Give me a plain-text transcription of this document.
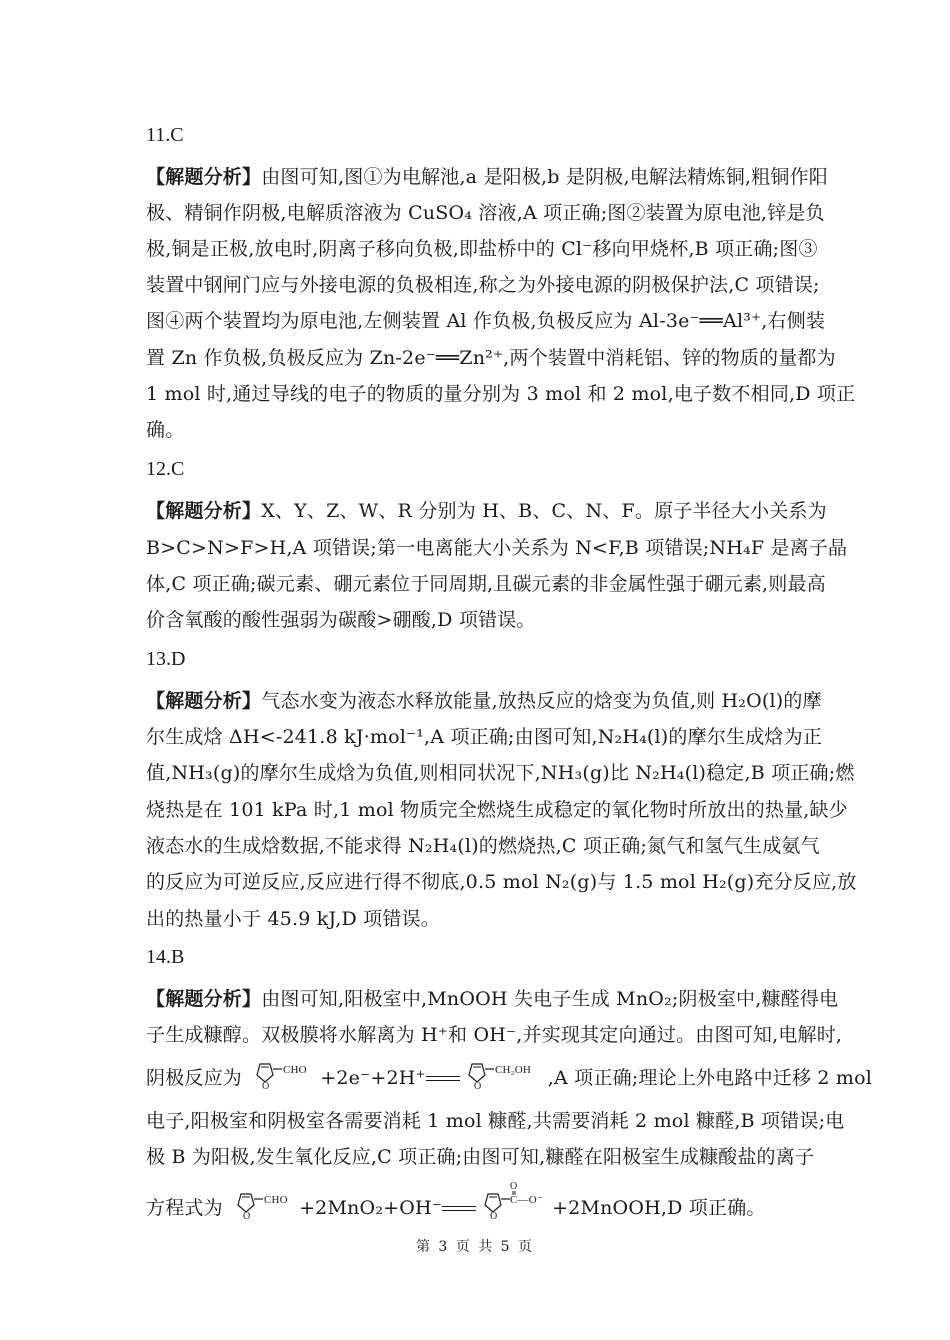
11.C
【解题分析】由图可知,图①为电解池,a 是阳极,b 是阴极,电解法精炼铜,粗铜作阳
极、精铜作阴极,电解质溶液为 CuSO₄ 溶液,A 项正确;图②装置为原电池,锌是负
极,铜是正极,放电时,阴离子移向负极,即盐桥中的 Cl⁻移向甲烧杯,B 项正确;图③
装置中钢闸门应与外接电源的负极相连,称之为外接电源的阴极保护法,C 项错误;
图④两个装置均为原电池,左侧装置 Al 作负极,负极反应为 Al-3e⁻══Al³⁺,右侧装
置 Zn 作负极,负极反应为 Zn-2e⁻══Zn²⁺,两个装置中消耗铝、锌的物质的量都为
1 mol 时,通过导线的电子的物质的量分别为 3 mol 和 2 mol,电子数不相同,D 项正
确。
12.C
【解题分析】X、Y、Z、W、R 分别为 H、B、C、N、F。原子半径大小关系为
B>C>N>F>H,A 项错误;第一电离能大小关系为 N<F,B 项错误;NH₄F 是离子晶
体,C 项正确;碳元素、硼元素位于同周期,且碳元素的非金属性强于硼元素,则最高
价含氧酸的酸性强弱为碳酸>硼酸,D 项错误。
13.D
【解题分析】气态水变为液态水释放能量,放热反应的焓变为负值,则 H₂O(l)的摩
尔生成焓 ΔH<-241.8 kJ·mol⁻¹,A 项正确;由图可知,N₂H₄(l)的摩尔生成焓为正
值,NH₃(g)的摩尔生成焓为负值,则相同状况下,NH₃(g)比 N₂H₄(l)稳定,B 项正确;燃
烧热是在 101 kPa 时,1 mol 物质完全燃烧生成稳定的氧化物时所放出的热量,缺少
液态水的生成焓数据,不能求得 N₂H₄(l)的燃烧热,C 项正确;氮气和氢气生成氨气
的反应为可逆反应,反应进行得不彻底,0.5 mol N₂(g)与 1.5 mol H₂(g)充分反应,放
出的热量小于 45.9 kJ,D 项错误。
14.B
【解题分析】由图可知,阳极室中,MnOOH 失电子生成 MnO₂;阴极室中,糠醛得电
子生成糠醇。双极膜将水解离为 H⁺和 OH⁻,并实现其定向通过。由图可知,电解时,
阴极反应为 O
CHO +2e⁻+2H⁺	O
CH₂OH ,A 项正确;理论上外电路中迁移 2 mol
电子,阳极室和阴极室各需要消耗 1 mol 糠醛,共需要消耗 2 mol 糠醛,B 项错误;电
极 B 为阳极,发生氧化反应,C 项正确;由图可知,糠醛在阳极室生成糠酸盐的离子
方程式为 O
CHO +2MnO₂+OH⁻	O
O
C—O⁻ +2MnOOH,D 项正确。
第 3 页 共 5 页
